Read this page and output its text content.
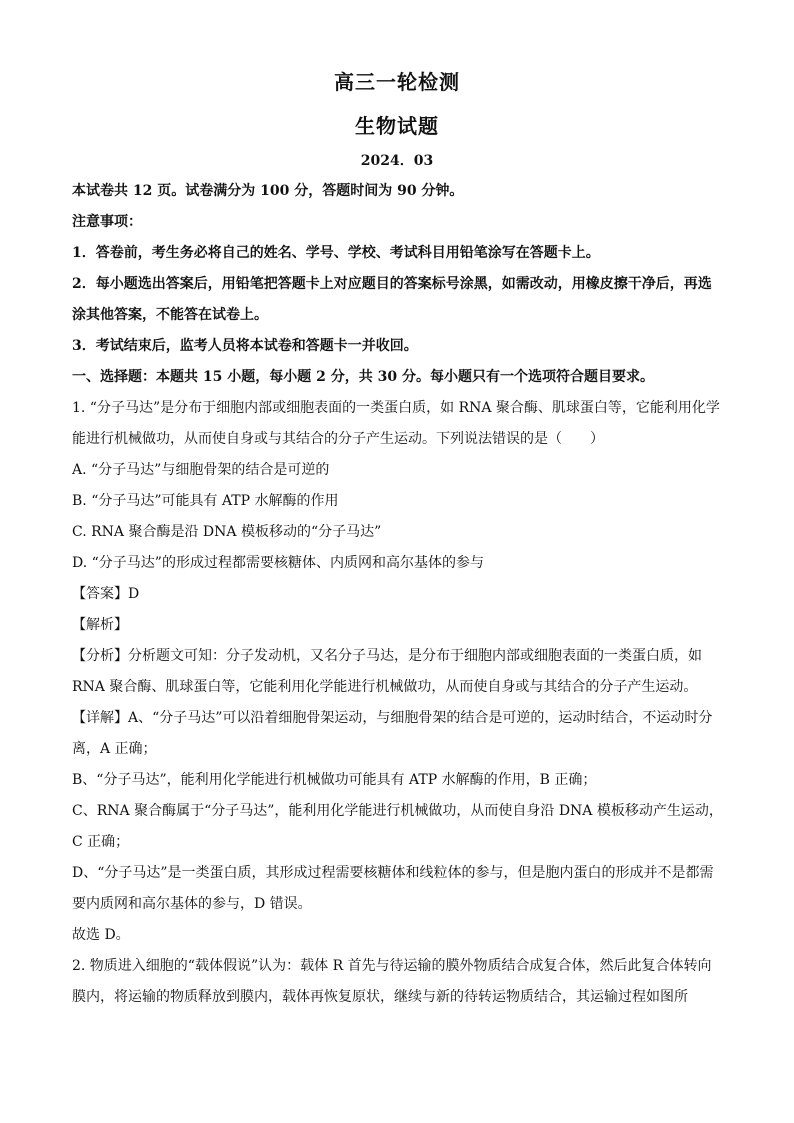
高三一轮检测
生物试题
2024．03

本试卷共 12 页。试卷满分为 100 分，答题时间为 90 分钟。

注意事项：

1．答卷前，考生务必将自己的姓名、学号、学校、考试科目用铅笔涂写在答题卡上。

2．每小题选出答案后，用铅笔把答题卡上对应题目的答案标号涂黑，如需改动，用橡皮擦干净后，再选涂其他答案，不能答在试卷上。

3．考试结束后，监考人员将本试卷和答题卡一并收回。

一、选择题：本题共 15 小题，每小题 2 分，共 30 分。每小题只有一个选项符合题目要求。

1. “分子马达”是分布于细胞内部或细胞表面的一类蛋白质，如 RNA 聚合酶、肌球蛋白等，它能利用化学能进行机械做功，从而使自身或与其结合的分子产生运动。下列说法错误的是（　　）

A. “分子马达”与细胞骨架的结合是可逆的

B. “分子马达”可能具有 ATP 水解酶的作用

C. RNA 聚合酶是沿 DNA 模板移动的“分子马达”

D. “分子马达”的形成过程都需要核糖体、内质网和高尔基体的参与

【答案】D

【解析】

【分析】分析题文可知：分子发动机，又名分子马达，是分布于细胞内部或细胞表面的一类蛋白质，如 RNA 聚合酶、肌球蛋白等，它能利用化学能进行机械做功，从而使自身或与其结合的分子产生运动。

【详解】A、“分子马达”可以沿着细胞骨架运动，与细胞骨架的结合是可逆的，运动时结合，不运动时分离，A 正确；

B、“分子马达”，能利用化学能进行机械做功可能具有 ATP 水解酶的作用，B 正确；

C、RNA 聚合酶属于“分子马达”，能利用化学能进行机械做功，从而使自身沿 DNA 模板移动产生运动，C 正确；

D、“分子马达”是一类蛋白质，其形成过程需要核糖体和线粒体的参与，但是胞内蛋白的形成并不是都需要内质网和高尔基体的参与，D 错误。

故选 D。

2. 物质进入细胞的“载体假说”认为：载体 R 首先与待运输的膜外物质结合成复合体，然后此复合体转向膜内，将运输的物质释放到膜内，载体再恢复原状，继续与新的待转运物质结合，其运输过程如图所
